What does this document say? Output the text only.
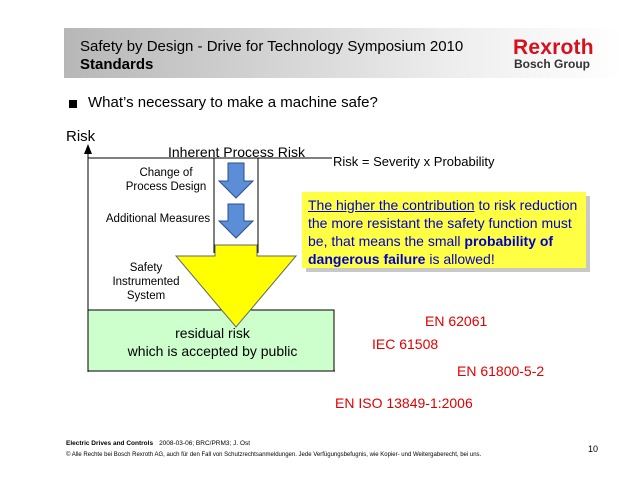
Safety by Design - Drive for Technology Symposium 2010
Standards
Rexroth
Bosch Group
What’s necessary to make a machine safe?
Risk
Inherent Process Risk
Risk = Severity x Probability
Change of Process Design
Additional Measures
Safety Instrumented System
residual risk
which is accepted by public
The higher the contribution to risk reduction the more resistant the safety function must be, that means the small probability of dangerous failure is allowed!
EN 62061
IEC 61508
EN 61800-5-2
EN ISO 13849-1:2006
Electric Drives and Controls 2008-03-06; BRC/PRM3; J. Ost
© Alle Rechte bei Bosch Rexroth AG, auch für den Fall von Schutzrechtsanmeldungen. Jede Verfügungsbefugnis, wie Kopier- und Weitergaberecht, bei uns.
10
